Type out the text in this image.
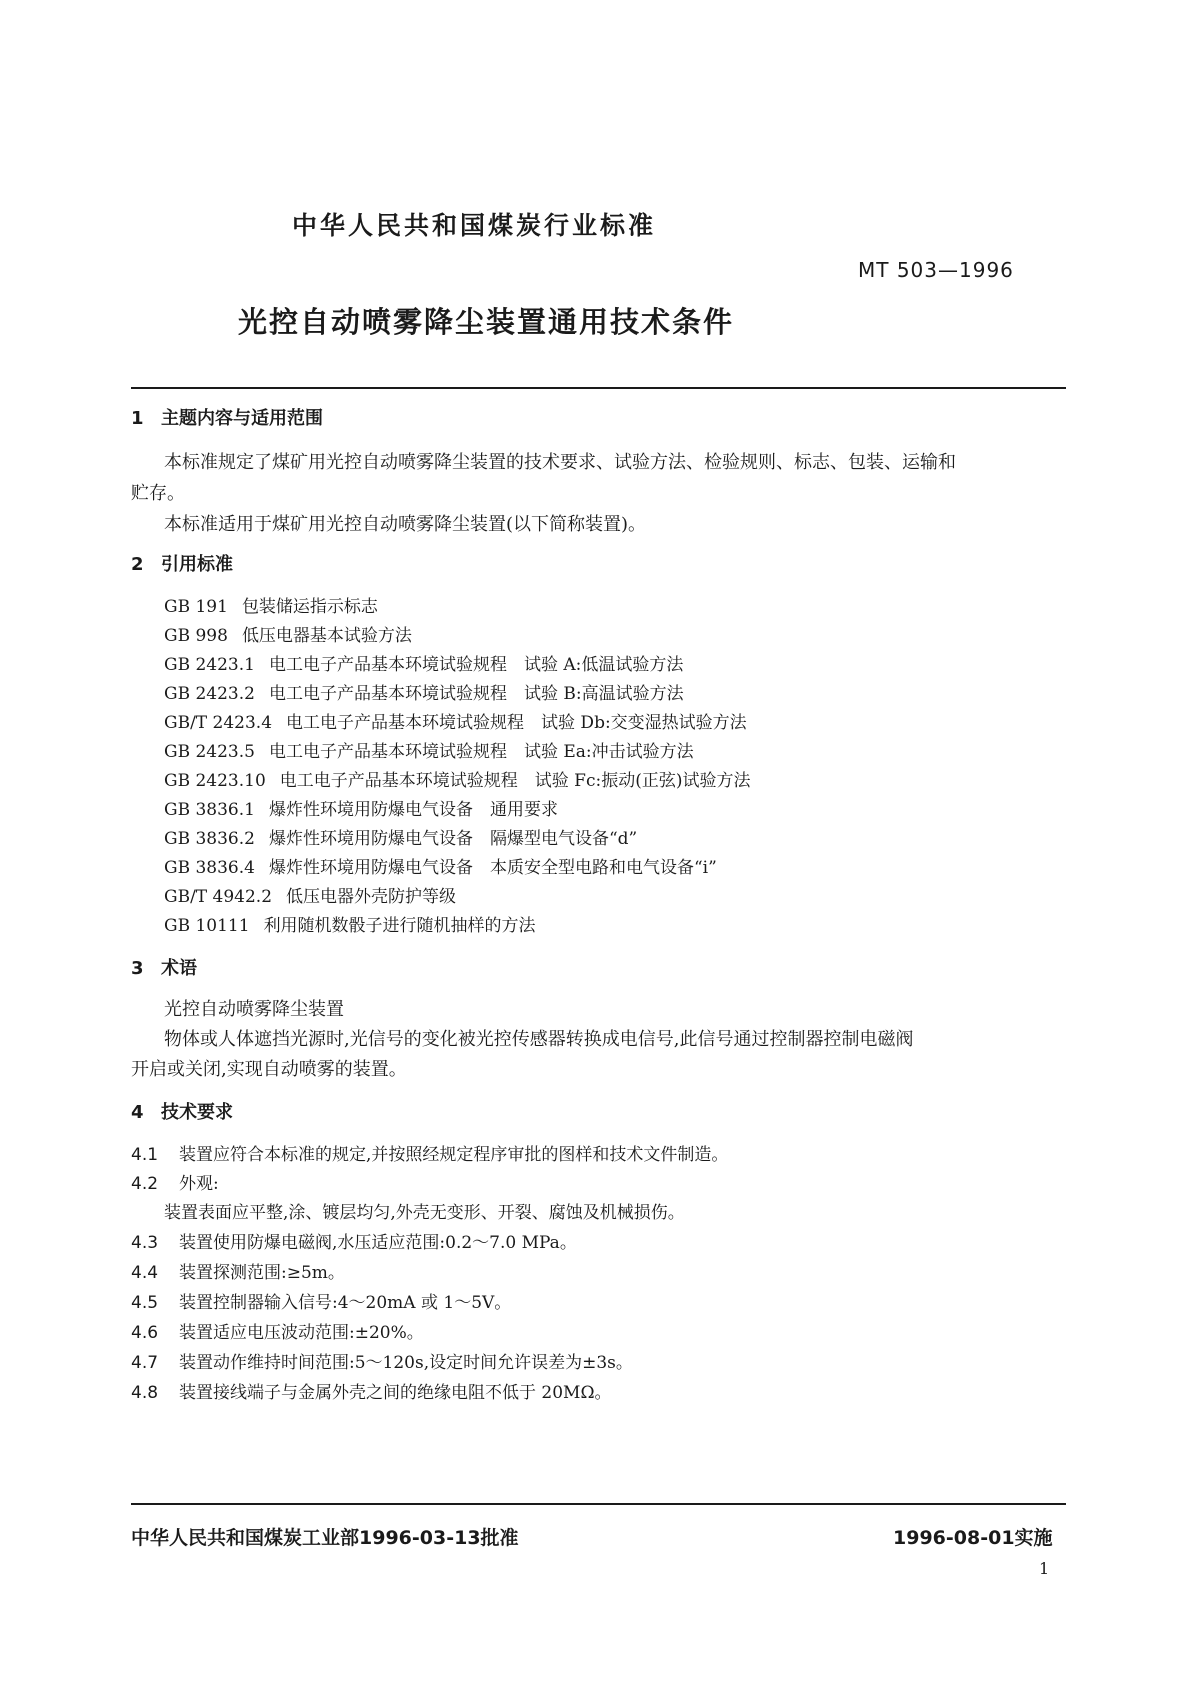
中华人民共和国煤炭行业标准
MT 503—1996
光控自动喷雾降尘装置通用技术条件
1 主题内容与适用范围
本标准规定了煤矿用光控自动喷雾降尘装置的技术要求、试验方法、检验规则、标志、包装、运输和
贮存。
本标准适用于煤矿用光控自动喷雾降尘装置(以下简称装置)。
2 引用标准
GB 191 包装储运指示标志
GB 998 低压电器基本试验方法
GB 2423.1 电工电子产品基本环境试验规程　试验 A:低温试验方法
GB 2423.2 电工电子产品基本环境试验规程　试验 B:高温试验方法
GB/T 2423.4 电工电子产品基本环境试验规程　试验 Db:交变湿热试验方法
GB 2423.5 电工电子产品基本环境试验规程　试验 Ea:冲击试验方法
GB 2423.10 电工电子产品基本环境试验规程　试验 Fc:振动(正弦)试验方法
GB 3836.1 爆炸性环境用防爆电气设备　通用要求
GB 3836.2 爆炸性环境用防爆电气设备　隔爆型电气设备“d”
GB 3836.4 爆炸性环境用防爆电气设备　本质安全型电路和电气设备“i”
GB/T 4942.2 低压电器外壳防护等级
GB 10111 利用随机数骰子进行随机抽样的方法
3 术语
光控自动喷雾降尘装置
物体或人体遮挡光源时,光信号的变化被光控传感器转换成电信号,此信号通过控制器控制电磁阀
开启或关闭,实现自动喷雾的装置。
4 技术要求
4.1 装置应符合本标准的规定,并按照经规定程序审批的图样和技术文件制造。
4.2 外观:
装置表面应平整,涂、镀层均匀,外壳无变形、开裂、腐蚀及机械损伤。
4.3 装置使用防爆电磁阀,水压适应范围:0.2～7.0 MPa。
4.4 装置探测范围:≥5m。
4.5 装置控制器输入信号:4～20mA 或 1～5V。
4.6 装置适应电压波动范围:±20%。
4.7 装置动作维持时间范围:5～120s,设定时间允许误差为±3s。
4.8 装置接线端子与金属外壳之间的绝缘电阻不低于 20MΩ。
中华人民共和国煤炭工业部1996-03-13批准	1996-08-01实施
1
